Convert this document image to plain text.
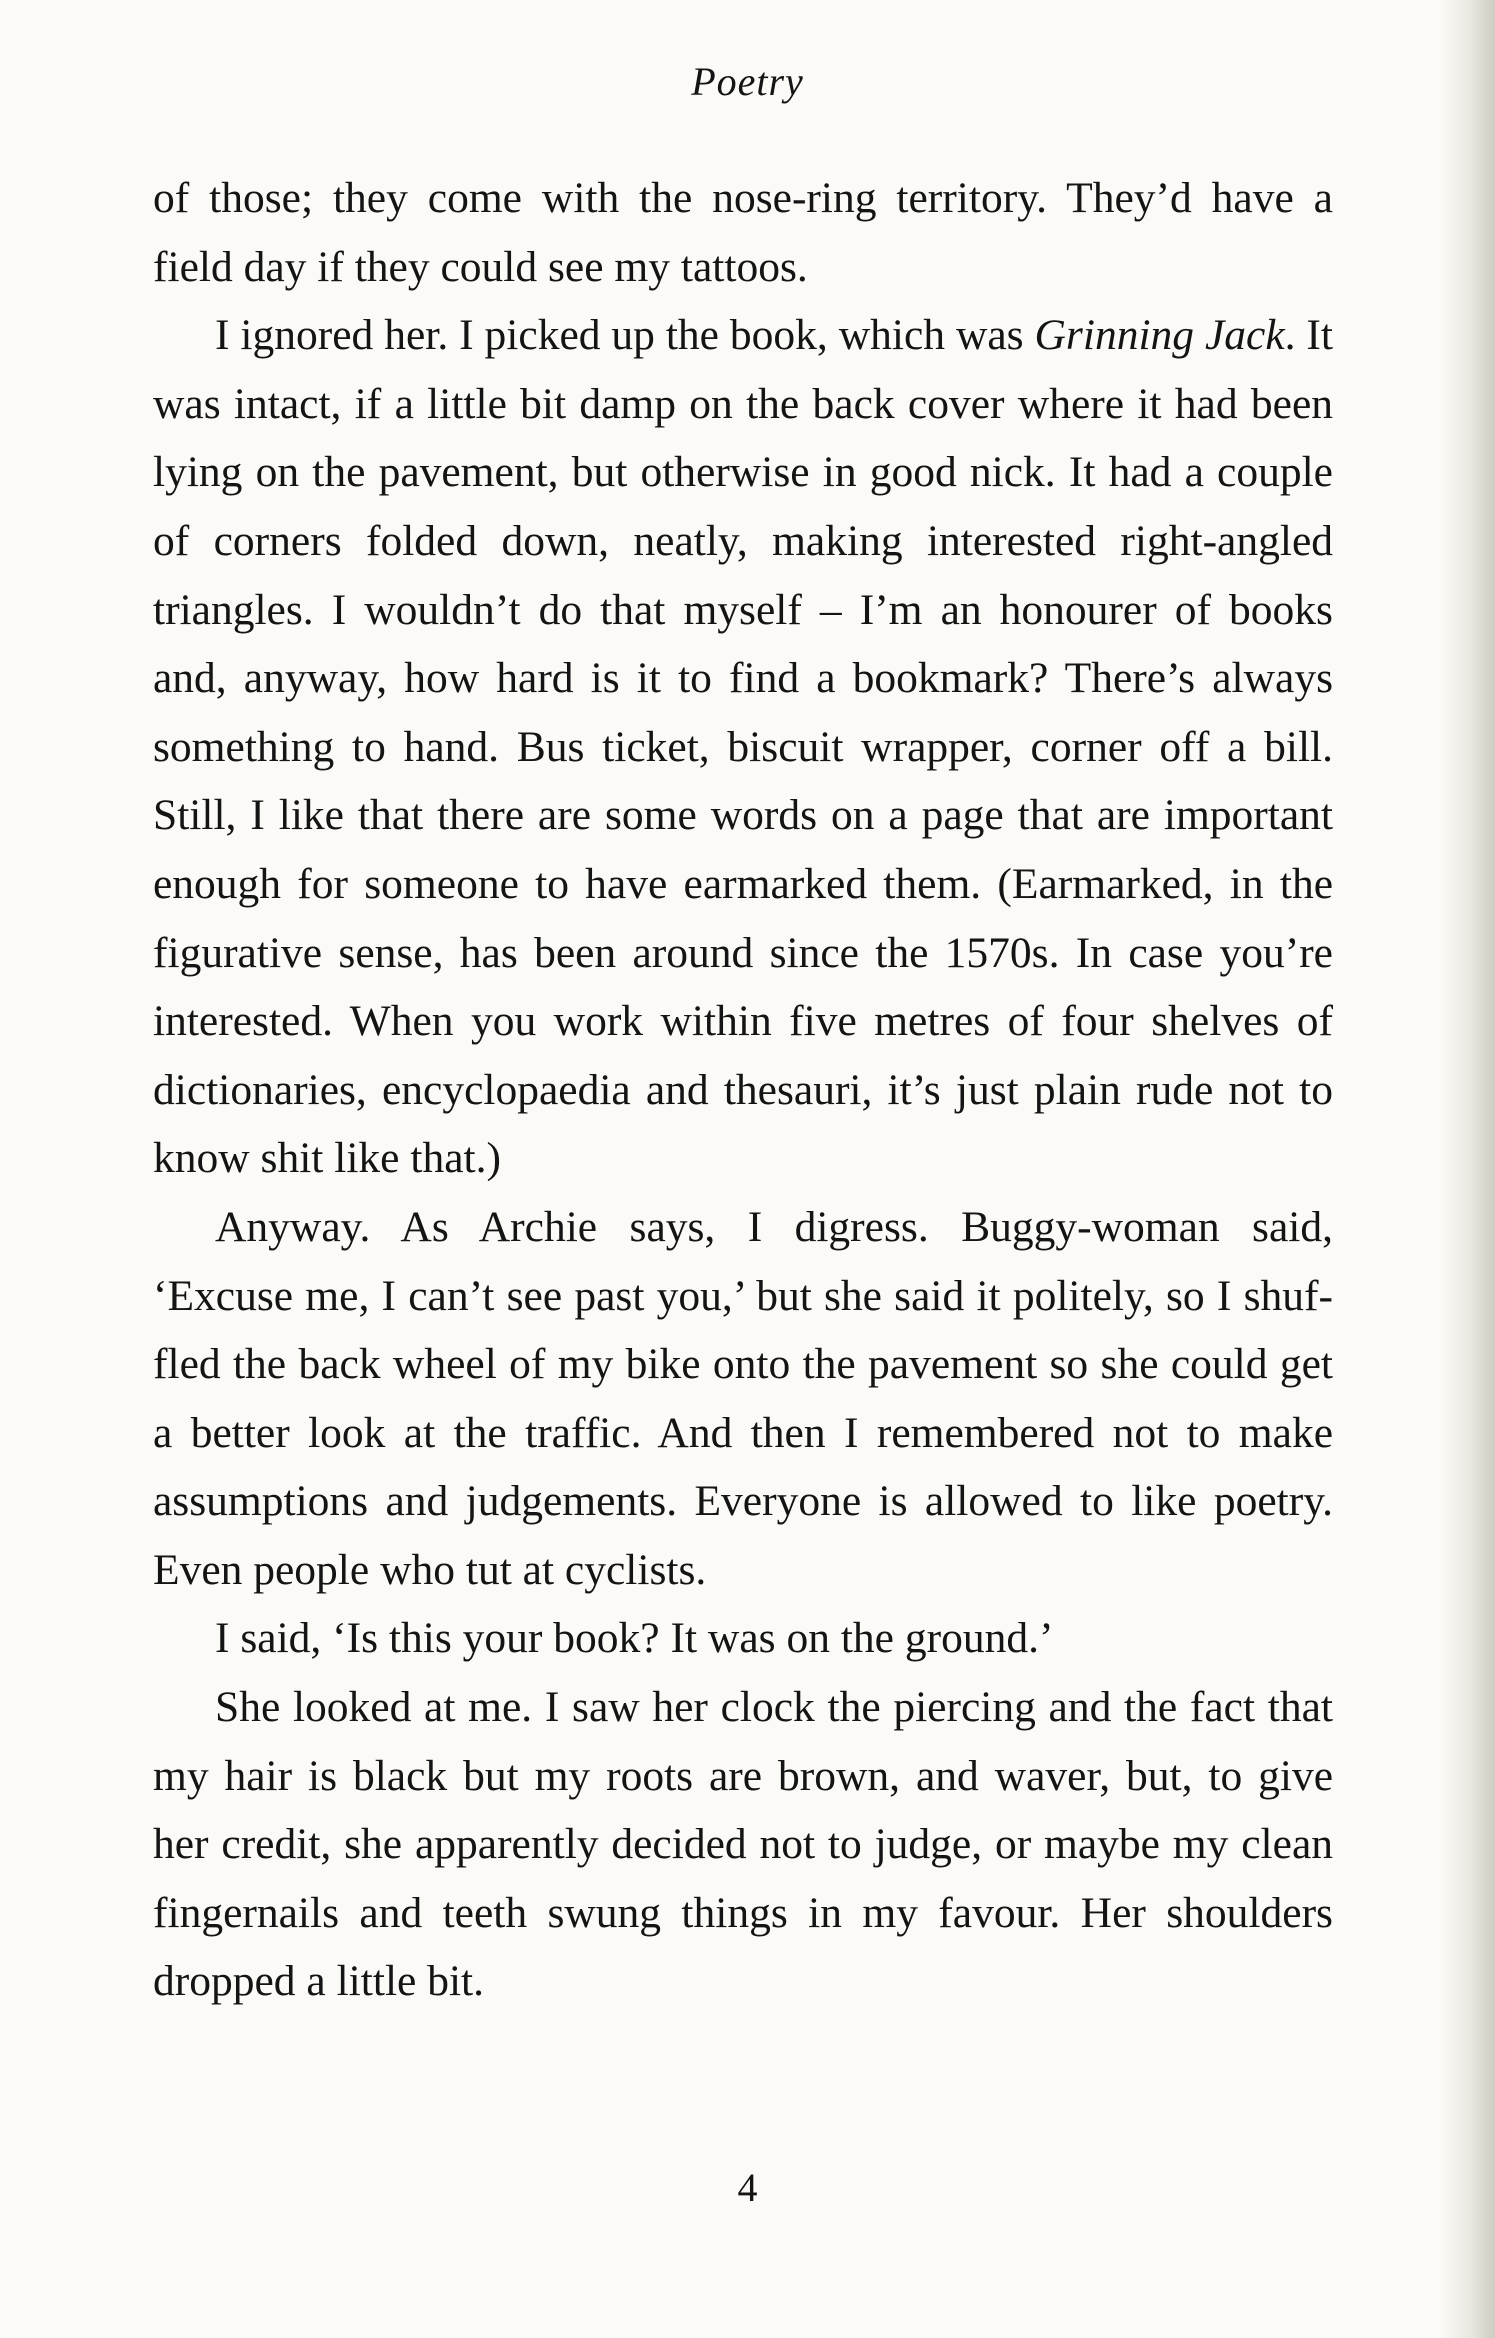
Poetry

of those; they come with the nose-ring territory. They’d have a field day if they could see my tattoos.

I ignored her. I picked up the book, which was Grinning Jack. It was intact, if a little bit damp on the back cover where it had been lying on the pavement, but otherwise in good nick. It had a couple of corners folded down, neatly, making interested right-angled triangles. I wouldn’t do that myself – I’m an honourer of books and, anyway, how hard is it to find a bookmark? There’s always something to hand. Bus ticket, biscuit wrapper, corner off a bill. Still, I like that there are some words on a page that are important enough for someone to have earmarked them. (Earmarked, in the figurative sense, has been around since the 1570s. In case you’re interested. When you work within five metres of four shelves of dictionaries, encyclopaedia and thesauri, it’s just plain rude not to know shit like that.)

Anyway. As Archie says, I digress. Buggy-woman said, ‘Excuse me, I can’t see past you,’ but she said it politely, so I shuffled the back wheel of my bike onto the pavement so she could get a better look at the traffic. And then I remembered not to make assumptions and judgements. Everyone is allowed to like poetry. Even people who tut at cyclists.

I said, ‘Is this your book? It was on the ground.’

She looked at me. I saw her clock the piercing and the fact that my hair is black but my roots are brown, and waver, but, to give her credit, she apparently decided not to judge, or maybe my clean fingernails and teeth swung things in my favour. Her shoulders dropped a little bit.

4
